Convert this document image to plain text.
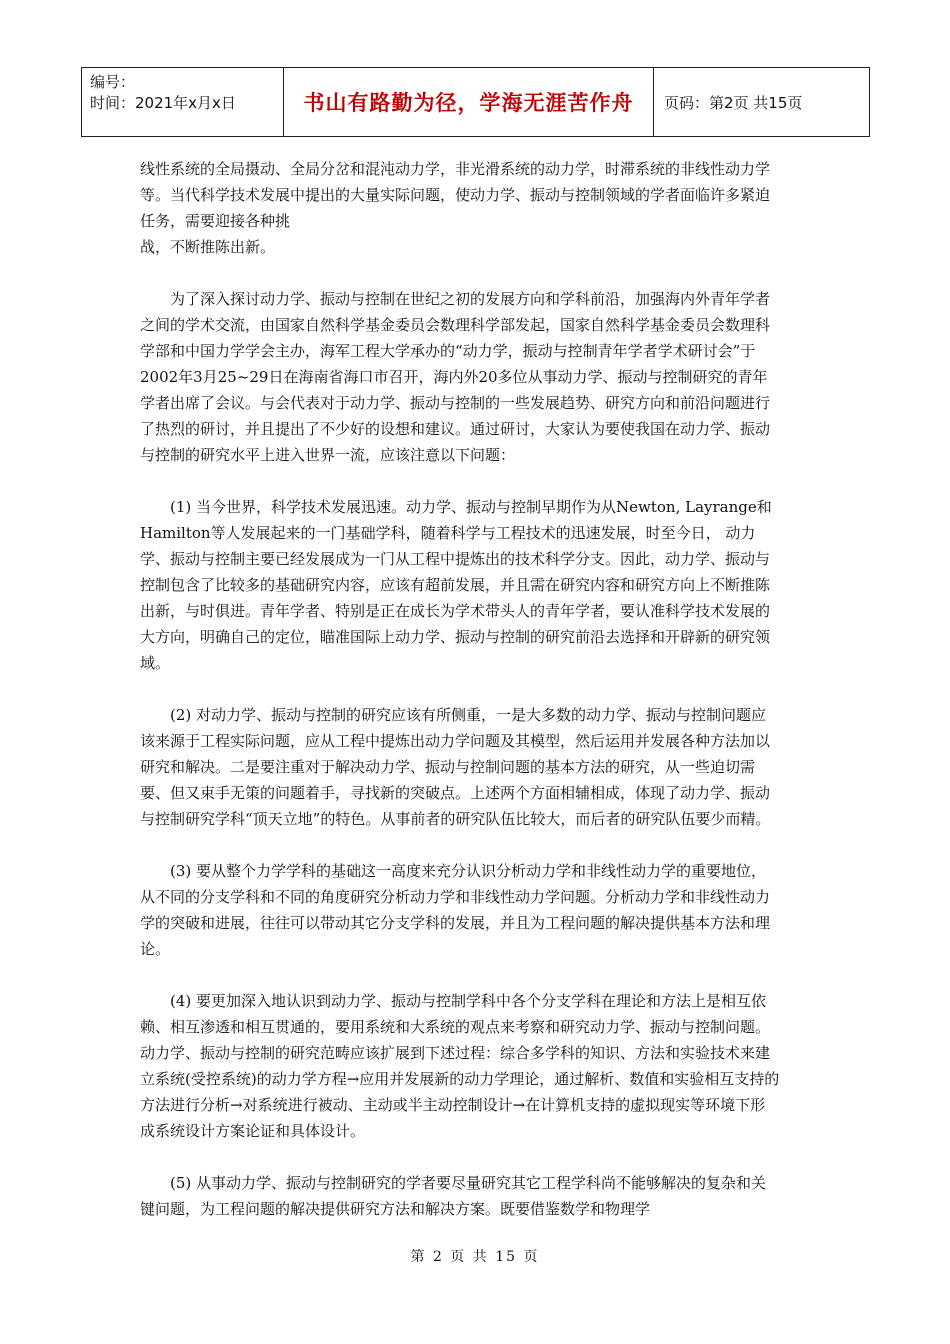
编号：
时间：2021年x月x日	书山有路勤为径，学海无涯苦作舟	页码：第2页 共15页

线性系统的全局摄动、全局分岔和混沌动力学，非光滑系统的动力学，时滞系统的非线性动力学等。当代科学技术发展中提出的大量实际问题，使动力学、振动与控制领域的学者面临许多紧迫任务，需要迎接各种挑

战，不断推陈出新。

为了深入探讨动力学、振动与控制在世纪之初的发展方向和学科前沿，加强海内外青年学者之间的学术交流，由国家自然科学基金委员会数理科学部发起，国家自然科学基金委员会数理科学部和中国力学学会主办，海军工程大学承办的“动力学，振动与控制青年学者学术研讨会”于2002年3月25~29日在海南省海口市召开，海内外20多位从事动力学、振动与控制研究的青年学者出席了会议。与会代表对于动力学、振动与控制的一些发展趋势、研究方向和前沿问题进行了热烈的研讨，并且提出了不少好的设想和建议。通过研讨，大家认为要使我国在动力学、振动与控制的研究水平上进入世界一流，应该注意以下问题：

(1) 当今世界，科学技术发展迅速。动力学、振动与控制早期作为从Newton, Layrange和Hamilton等人发展起来的一门基础学科，随着科学与工程技术的迅速发展，时至今日， 动力学、振动与控制主要已经发展成为一门从工程中提炼出的技术科学分支。因此，动力学、振动与控制包含了比较多的基础研究内容，应该有超前发展，并且需在研究内容和研究方向上不断推陈出新，与时俱进。青年学者、特别是正在成长为学术带头人的青年学者，要认准科学技术发展的大方向，明确自己的定位，瞄准国际上动力学、振动与控制的研究前沿去选择和开辟新的研究领域。

(2) 对动力学、振动与控制的研究应该有所侧重，一是大多数的动力学、振动与控制问题应该来源于工程实际问题，应从工程中提炼出动力学问题及其模型，然后运用并发展各种方法加以研究和解决。二是要注重对于解决动力学、振动与控制问题的基本方法的研究，从一些迫切需要、但又束手无策的问题着手，寻找新的突破点。上述两个方面相辅相成，体现了动力学、振动与控制研究学科“顶天立地”的特色。从事前者的研究队伍比较大，而后者的研究队伍要少而精。

(3) 要从整个力学学科的基础这一高度来充分认识分析动力学和非线性动力学的重要地位，从不同的分支学科和不同的角度研究分析动力学和非线性动力学问题。分析动力学和非线性动力学的突破和进展，往往可以带动其它分支学科的发展，并且为工程问题的解决提供基本方法和理论。

(4) 要更加深入地认识到动力学、振动与控制学科中各个分支学科在理论和方法上是相互依赖、相互渗透和相互贯通的，要用系统和大系统的观点来考察和研究动力学、振动与控制问题。动力学、振动与控制的研究范畴应该扩展到下述过程：综合多学科的知识、方法和实验技术来建立系统(受控系统)的动力学方程→应用并发展新的动力学理论，通过解析、数值和实验相互支持的方法进行分析→对系统进行被动、主动或半主动控制设计→在计算机支持的虚拟现实等环境下形成系统设计方案论证和具体设计。

(5) 从事动力学、振动与控制研究的学者要尽量研究其它工程学科尚不能够解决的复杂和关键问题，为工程问题的解决提供研究方法和解决方案。既要借鉴数学和物理学

第 2 页 共 15 页
